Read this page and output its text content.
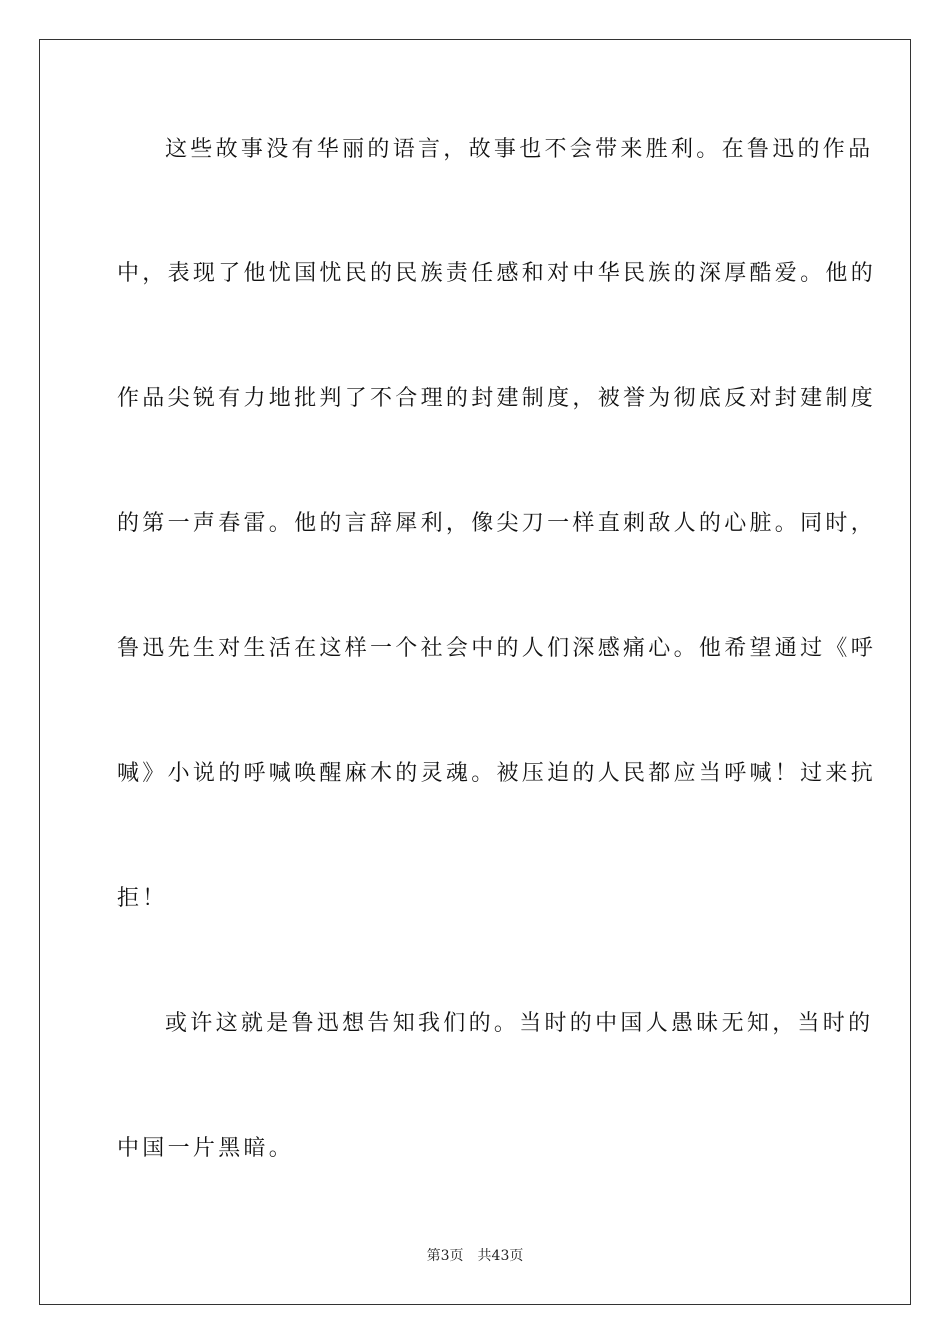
这些故事没有华丽的语言，故事也不会带来胜利。在鲁迅的作品
中，表现了他忧国忧民的民族责任感和对中华民族的深厚酷爱。他的
作品尖锐有力地批判了不合理的封建制度，被誉为彻底反对封建制度
的第一声春雷。他的言辞犀利，像尖刀一样直刺敌人的心脏。同时，
鲁迅先生对生活在这样一个社会中的人们深感痛心。他希望通过《呼
喊》小说的呼喊唤醒麻木的灵魂。被压迫的人民都应当呼喊！过来抗
拒！
或许这就是鲁迅想告知我们的。当时的中国人愚昧无知，当时的
中国一片黑暗。
第3页 共43页
